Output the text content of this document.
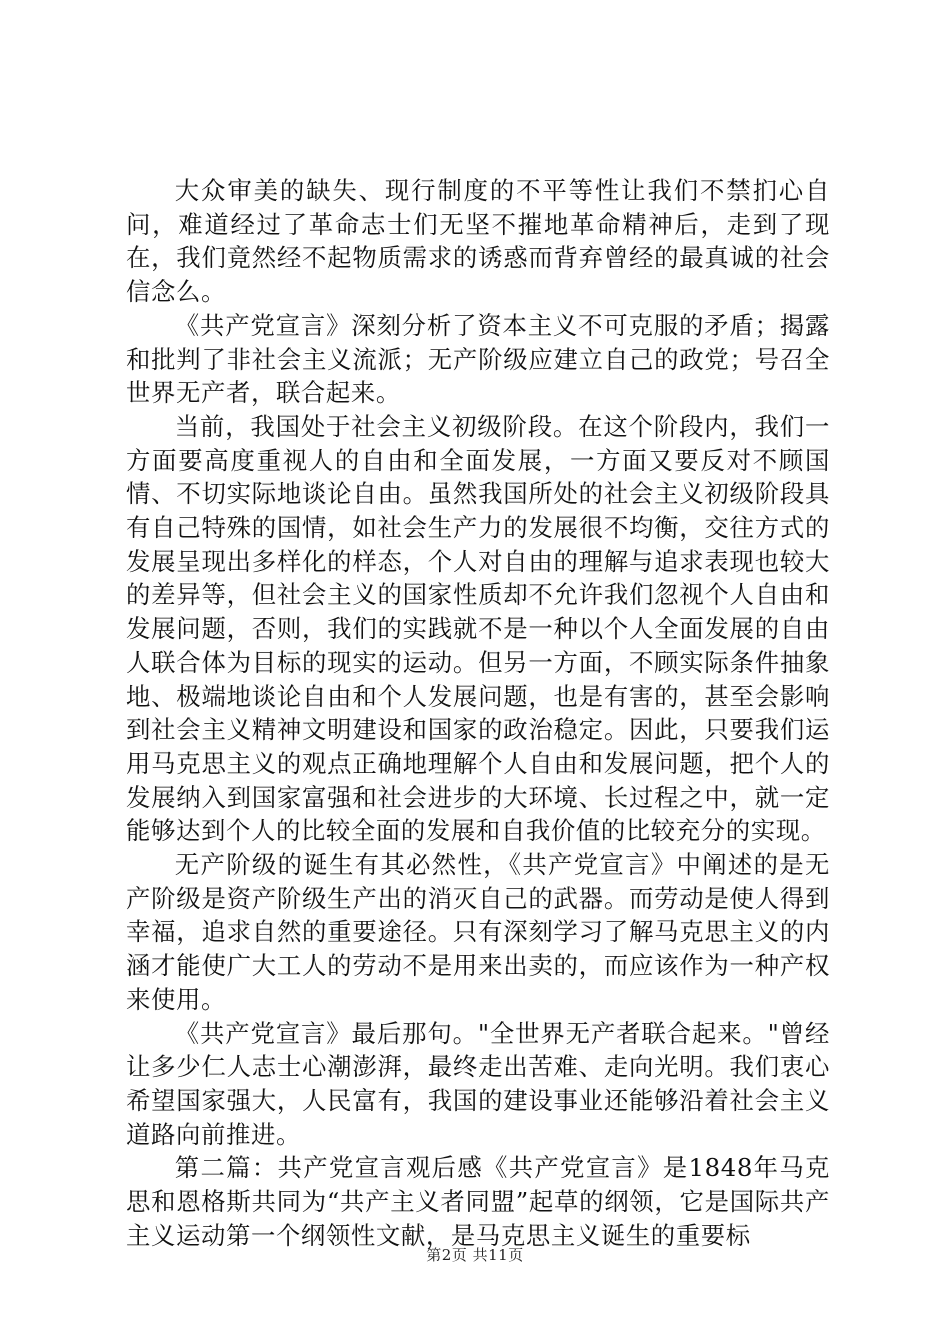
大众审美的缺失、现行制度的不平等性让我们不禁扪心自问，难道经过了革命志士们无坚不摧地革命精神后，走到了现在，我们竟然经不起物质需求的诱惑而背弃曾经的最真诚的社会信念么。

《共产党宣言》深刻分析了资本主义不可克服的矛盾；揭露和批判了非社会主义流派；无产阶级应建立自己的政党；号召全世界无产者，联合起来。

当前，我国处于社会主义初级阶段。在这个阶段内，我们一方面要高度重视人的自由和全面发展，一方面又要反对不顾国情、不切实际地谈论自由。虽然我国所处的社会主义初级阶段具有自己特殊的国情，如社会生产力的发展很不均衡，交往方式的发展呈现出多样化的样态，个人对自由的理解与追求表现也较大的差异等，但社会主义的国家性质却不允许我们忽视个人自由和发展问题，否则，我们的实践就不是一种以个人全面发展的自由人联合体为目标的现实的运动。但另一方面，不顾实际条件抽象地、极端地谈论自由和个人发展问题，也是有害的，甚至会影响到社会主义精神文明建设和国家的政治稳定。因此，只要我们运用马克思主义的观点正确地理解个人自由和发展问题，把个人的发展纳入到国家富强和社会进步的大环境、长过程之中，就一定能够达到个人的比较全面的发展和自我价值的比较充分的实现。

无产阶级的诞生有其必然性，《共产党宣言》中阐述的是无产阶级是资产阶级生产出的消灭自己的武器。而劳动是使人得到幸福，追求自然的重要途径。只有深刻学习了解马克思主义的内涵才能使广大工人的劳动不是用来出卖的，而应该作为一种产权来使用。

《共产党宣言》最后那句。"全世界无产者联合起来。"曾经让多少仁人志士心潮澎湃，最终走出苦难、走向光明。我们衷心希望国家强大，人民富有，我国的建设事业还能够沿着社会主义道路向前推进。

第二篇：共产党宣言观后感《共产党宣言》是1848年马克思和恩格斯共同为“共产主义者同盟”起草的纲领，它是国际共产主义运动第一个纲领性文献，是马克思主义诞生的重要标

第2页 共11页
